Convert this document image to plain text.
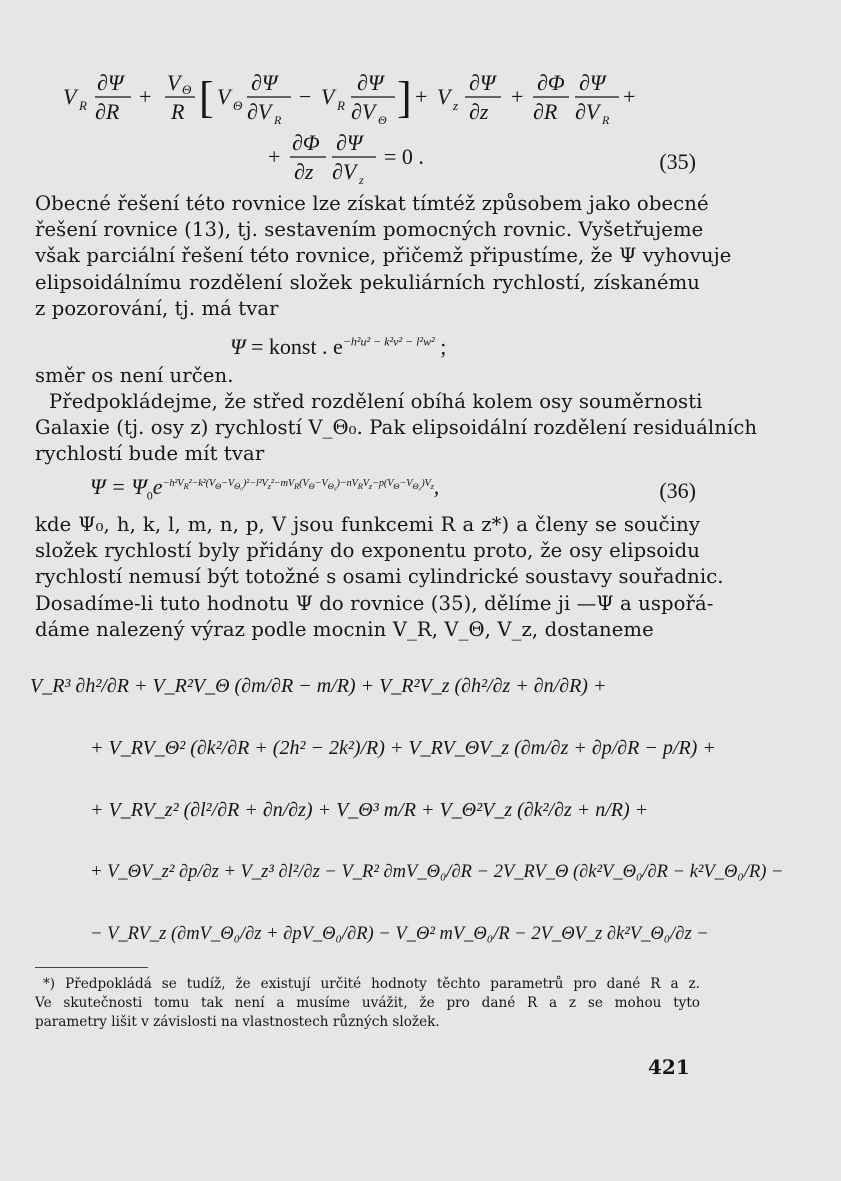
V R
∂Ψ
∂R
+
V Θ
R [ V Θ
∂Ψ
∂V R
− V R
∂Ψ
∂V Θ ] + V z
∂Ψ
∂z
+
∂Φ
∂R
∂Ψ
∂V R
+
+
∂Φ
∂z
∂Ψ
∂V z
= 0 .	(35)
Obecné řešení této rovnice lze získat tímtéž způsobem jako obecné
řešení rovnice (13), tj. sestavením pomocných rovnic. Vyšetřujeme
však parciální řešení této rovnice, přičemž připustíme, že Ψ vyhovuje
elipsoidálnímu rozdělení složek pekuliárních rychlostí, získanému
z pozorování, tj. má tvar
Ψ = konst . $e^{-h^2u^2 - k^2v^2 - l^2w^2}$ ;
směr os není určen.
Předpokládejme, že střed rozdělení obíhá kolem osy souměrnosti
Galaxie (tj. osy z) rychlostí V_Θ₀. Pak elipsoidální rozdělení residuálních
rychlostí bude mít tvar
$\Psi = \Psi_0e^{-h^2V_R^2-k^2(V_\Theta-V_{\Theta_0})^2-l^2V_z^2-mV_R(V_\Theta-V_{\Theta_0})-nV_RV_z-p(V_\Theta-V_{\Theta_0})V_z}$,	(36)
kde Ψ₀, h, k, l, m, n, p, V jsou funkcemi R a z*) a členy se součiny
složek rychlostí byly přidány do exponentu proto, že osy elipsoidu
rychlostí nemusí být totožné s osami cylindrické soustavy souřadnic.
Dosadíme-li tuto hodnotu Ψ do rovnice (35), dělíme ji —Ψ a uspořá-
dáme nalezený výraz podle mocnin V_R, V_Θ, V_z, dostaneme
V_R³ ∂h²/∂R + V_R²V_Θ (∂m/∂R − m/R) + V_R²V_z (∂h²/∂z + ∂n/∂R) +
+ V_RV_Θ² (∂k²/∂R + (2h² − 2k²)/R) + V_RV_ΘV_z (∂m/∂z + ∂p/∂R − p/R) +
+ V_RV_z² (∂l²/∂R + ∂n/∂z) + V_Θ³ m/R + V_Θ²V_z (∂k²/∂z + n/R) +
+ V_ΘV_z² ∂p/∂z + V_z³ ∂l²/∂z − V_R² ∂mV_Θ₀/∂R − 2V_RV_Θ (∂k²V_Θ₀/∂R − k²V_Θ₀/R) −
− V_RV_z (∂mV_Θ₀/∂z + ∂pV_Θ₀/∂R) − V_Θ² mV_Θ₀/R − 2V_ΘV_z ∂k²V_Θ₀/∂z −
*) Předpokládá se tudíž, že existují určité hodnoty těchto parametrů pro dané R a z.
Ve skutečnosti tomu tak není a musíme uvážit, že pro dané R a z se mohou tyto
parametry lišit v závislosti na vlastnostech různých složek.
421
